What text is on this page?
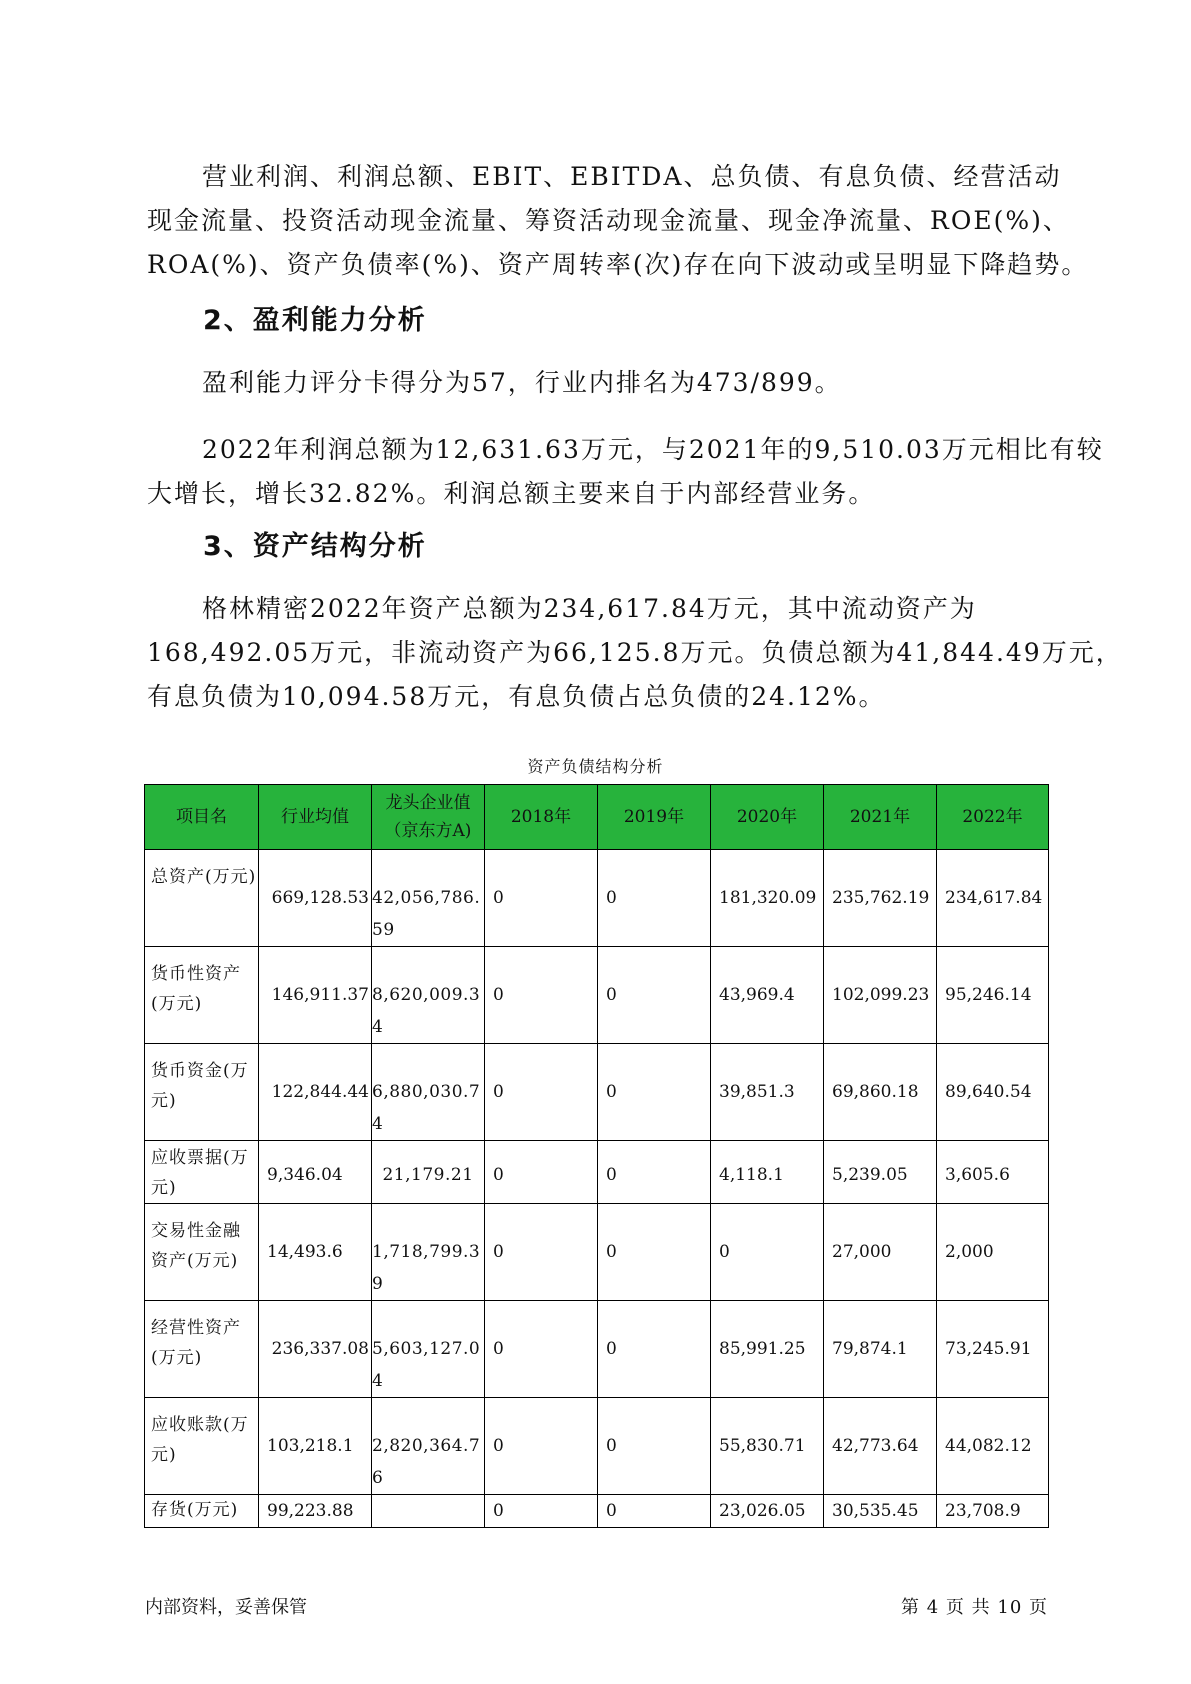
营业利润、利润总额、EBIT、EBITDA、总负债、有息负债、经营活动
现金流量、投资活动现金流量、筹资活动现金流量、现金净流量、ROE(%)、
ROA(%)、资产负债率(%)、资产周转率(次)存在向下波动或呈明显下降趋势。

2、盈利能力分析

盈利能力评分卡得分为57，行业内排名为473/899。

2022年利润总额为12,631.63万元，与2021年的9,510.03万元相比有较
大增长，增长32.82%。利润总额主要来自于内部经营业务。

3、资产结构分析

格林精密2022年资产总额为234,617.84万元，其中流动资产为
168,492.05万元，非流动资产为66,125.8万元。负债总额为41,844.49万元，
有息负债为10,094.58万元，有息负债占总负债的24.12%。

资产负债结构分析
项目名	行业均值	龙头企业值（京东方A)	2018年	2019年	2020年	2021年	2022年
总资产(万元)	669,128.53	42,056,786.59	0	0	181,320.09	235,762.19	234,617.84
货币性资产(万元)	146,911.37	8,620,009.34	0	0	43,969.4	102,099.23	95,246.14
货币资金(万元)	122,844.44	6,880,030.74	0	0	39,851.3	69,860.18	89,640.54
应收票据(万元)	9,346.04	21,179.21	0	0	4,118.1	5,239.05	3,605.6
交易性金融资产(万元)	14,493.6	1,718,799.39	0	0	0	27,000	2,000
经营性资产(万元)	236,337.08	5,603,127.04	0	0	85,991.25	79,874.1	73,245.91
应收账款(万元)	103,218.1	2,820,364.76	0	0	55,830.71	42,773.64	44,082.12
存货(万元)	99,223.88		0	0	23,026.05	30,535.45	23,708.9
内部资料，妥善保管	第 4 页 共 10 页
